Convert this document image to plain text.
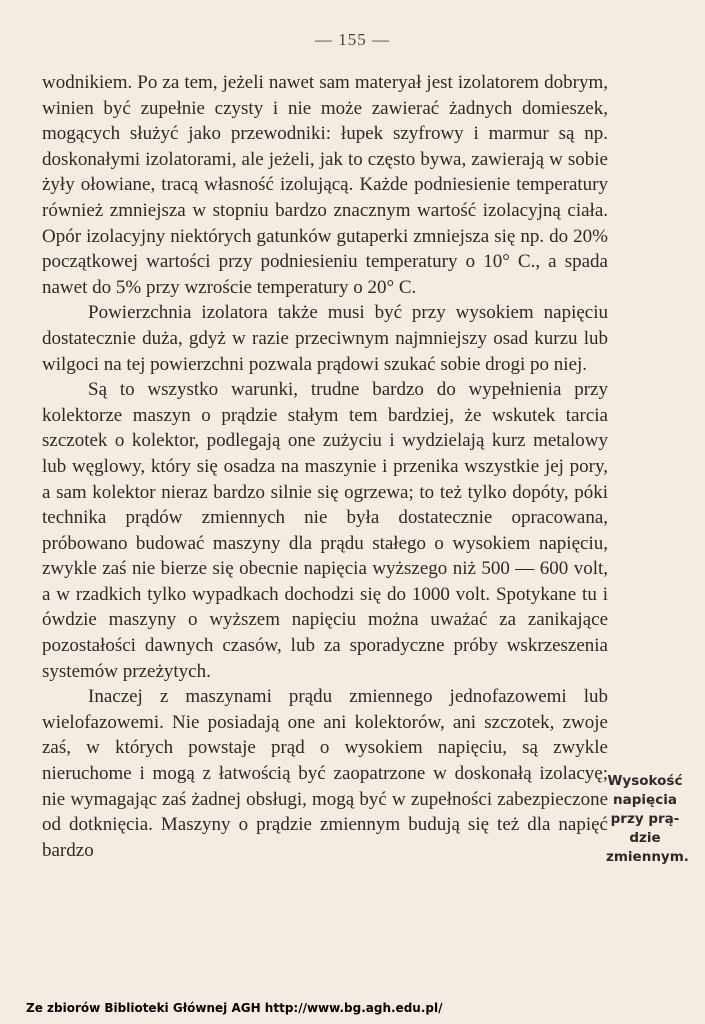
— 155 —

wodnikiem. Po za tem, jeżeli nawet sam materyał jest izolatorem dobrym, winien być zupełnie czysty i nie może zawierać żadnych domieszek, mogących służyć jako przewodniki: łupek szyfrowy i marmur są np. doskonałymi izolatorami, ale jeżeli, jak to często bywa, zawierają w sobie żyły ołowiane, tracą własność izolującą. Każde podniesienie temperatury również zmniejsza w stopniu bardzo znacznym wartość izolacyjną ciała. Opór izolacyjny niektórych gatunków gutaperki zmniejsza się np. do 20% początkowej wartości przy podniesieniu temperatury o 10° C., a spada nawet do 5% przy wzroście temperatury o 20° C.

Powierzchnia izolatora także musi być przy wysokiem napięciu dostatecznie duża, gdyż w razie przeciwnym najmniejszy osad kurzu lub wilgoci na tej powierzchni pozwala prądowi szukać sobie drogi po niej.

Są to wszystko warunki, trudne bardzo do wypełnienia przy kolektorze maszyn o prądzie stałym tem bardziej, że wskutek tarcia szczotek o kolektor, podlegają one zużyciu i wydzielają kurz metalowy lub węglowy, który się osadza na maszynie i przenika wszystkie jej pory, a sam kolektor nieraz bardzo silnie się ogrzewa; to też tylko dopóty, póki technika prądów zmiennych nie była dostatecznie opracowana, próbowano budować maszyny dla prądu stałego o wysokiem napięciu, zwykle zaś nie bierze się obecnie napięcia wyższego niż 500 — 600 volt, a w rzadkich tylko wypadkach dochodzi się do 1000 volt. Spotykane tu i ówdzie maszyny o wyższem napięciu można uważać za zanikające pozostałości dawnych czasów, lub za sporadyczne próby wskrzeszenia systemów przeżytych.

Inaczej z maszynami prądu zmiennego jednofazowemi lub wielofazowemi. Nie posiadają one ani kolektorów, ani szczotek, zwoje zaś, w których powstaje prąd o wysokiem napięciu, są zwykle nieruchome i mogą z łatwością być zaopatrzone w doskonałą izolacyę; nie wymagając zaś żadnej obsługi, mogą być w zupełności zabezpieczone od dotknięcia. Maszyny o prądzie zmiennym budują się też dla napięć bardzo

Wysokość
napięcia
przy prą-
dzie
zmiennym.
Ze zbiorów Biblioteki Głównej AGH http://www.bg.agh.edu.pl/
